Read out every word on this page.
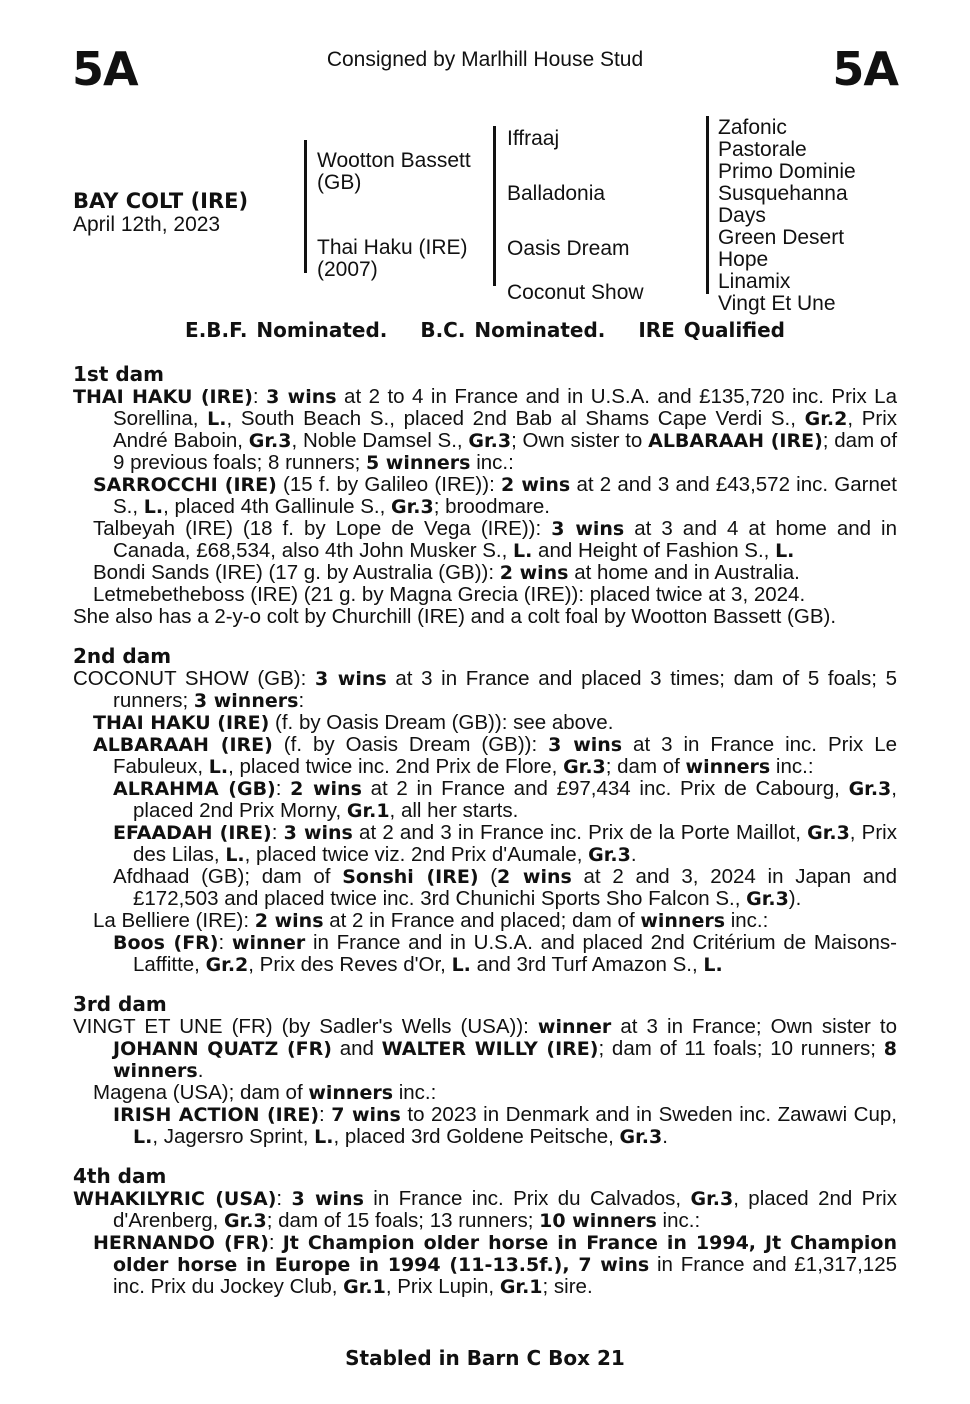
5A	Consigned by Marlhill House Stud	5A
BAY COLT (IRE)
April 12th, 2023
Wootton Bassett
(GB)
Thai Haku (IRE)
(2007)
Iffraaj
Balladonia
Oasis Dream
Coconut Show
Zafonic
Pastorale
Primo Dominie
Susquehanna
Days
Green Desert
Hope
Linamix
Vingt Et Une
E.B.F. Nominated. B.C. Nominated. IRE Qualified
1st dam
THAI HAKU (IRE): 3 wins at 2 to 4 in France and in U.S.A. and £135,720 inc. Prix La Sorellina, L., South Beach S., placed 2nd Bab al Shams Cape Verdi S., Gr.2, Prix André Baboin, Gr.3, Noble Damsel S., Gr.3; Own sister to ALBARAAH (IRE); dam of 9 previous foals; 8 runners; 5 winners inc.:
SARROCCHI (IRE) (15 f. by Galileo (IRE)): 2 wins at 2 and 3 and £43,572 inc. Garnet S., L., placed 4th Gallinule S., Gr.3; broodmare.
Talbeyah (IRE) (18 f. by Lope de Vega (IRE)): 3 wins at 3 and 4 at home and in Canada, £68,534, also 4th John Musker S., L. and Height of Fashion S., L.
Bondi Sands (IRE) (17 g. by Australia (GB)): 2 wins at home and in Australia.
Letmebetheboss (IRE) (21 g. by Magna Grecia (IRE)): placed twice at 3, 2024.
She also has a 2-y-o colt by Churchill (IRE) and a colt foal by Wootton Bassett (GB).
2nd dam
COCONUT SHOW (GB): 3 wins at 3 in France and placed 3 times; dam of 5 foals; 5 runners; 3 winners:
THAI HAKU (IRE) (f. by Oasis Dream (GB)): see above.
ALBARAAH (IRE) (f. by Oasis Dream (GB)): 3 wins at 3 in France inc. Prix Le Fabuleux, L., placed twice inc. 2nd Prix de Flore, Gr.3; dam of winners inc.:
ALRAHMA (GB): 2 wins at 2 in France and £97,434 inc. Prix de Cabourg, Gr.3, placed 2nd Prix Morny, Gr.1, all her starts.
EFAADAH (IRE): 3 wins at 2 and 3 in France inc. Prix de la Porte Maillot, Gr.3, Prix des Lilas, L., placed twice viz. 2nd Prix d'Aumale, Gr.3.
Afdhaad (GB); dam of Sonshi (IRE) (2 wins at 2 and 3, 2024 in Japan and £172,503 and placed twice inc. 3rd Chunichi Sports Sho Falcon S., Gr.3).
La Belliere (IRE): 2 wins at 2 in France and placed; dam of winners inc.:
Boos (FR): winner in France and in U.S.A. and placed 2nd Critérium de Maisons-Laffitte, Gr.2, Prix des Reves d'Or, L. and 3rd Turf Amazon S., L.
3rd dam
VINGT ET UNE (FR) (by Sadler's Wells (USA)): winner at 3 in France; Own sister to JOHANN QUATZ (FR) and WALTER WILLY (IRE); dam of 11 foals; 10 runners; 8 winners.
Magena (USA); dam of winners inc.:
IRISH ACTION (IRE): 7 wins to 2023 in Denmark and in Sweden inc. Zawawi Cup, L., Jagersro Sprint, L., placed 3rd Goldene Peitsche, Gr.3.
4th dam
WHAKILYRIC (USA): 3 wins in France inc. Prix du Calvados, Gr.3, placed 2nd Prix d'Arenberg, Gr.3; dam of 15 foals; 13 runners; 10 winners inc.:
HERNANDO (FR): Jt Champion older horse in France in 1994, Jt Champion older horse in Europe in 1994 (11-13.5f.), 7 wins in France and £1,317,125 inc. Prix du Jockey Club, Gr.1, Prix Lupin, Gr.1; sire.
Stabled in Barn C Box 21
